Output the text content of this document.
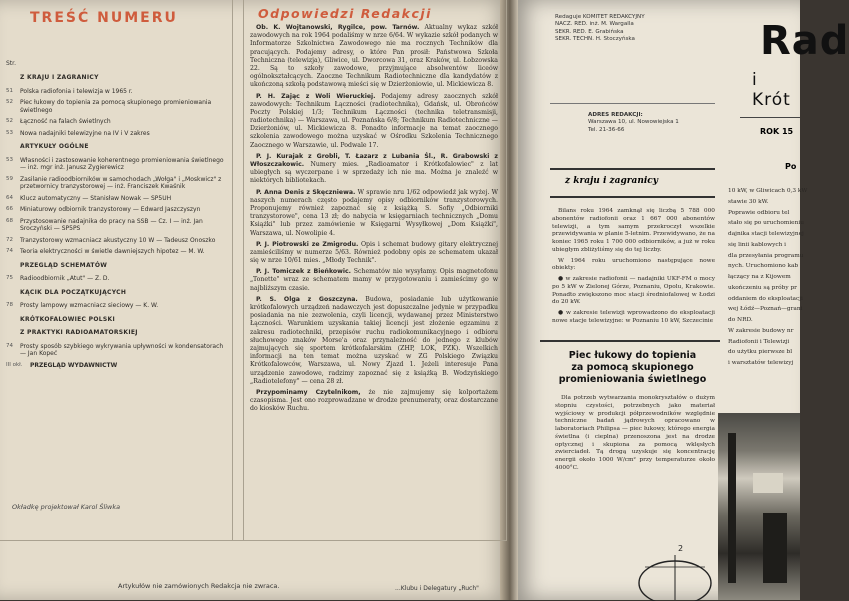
TREŚĆ NUMERU
Str.
Z KRAJU I ZAGRANICY
51	Polska radiofonia i telewizja w 1965 r.
52	Piec łukowy do topienia za pomocą skupionego promieniowania świetlnego
52	Łączność na falach świetlnych
53	Nowa nadajniki telewizyjne na IV i V zakres
ARTYKUŁY OGÓLNE
53	Własności i zastosowanie koherentnego promieniowania świetlnego — inż. mgr inż. Janusz Zygierewicz
59	Zasilanie radioodbiorników w samochodach „Wołga" i „Moskwicz" z przetwornicy tranzystorowej — inż. Franciszek Kwaśnik
64	Klucz automatyczny — Stanisław Nowak — SP5UH
66	Miniaturowy odbiornik tranzystorowy — Edward Jaszczyszyn
68	Przystosowanie nadajnika do pracy na SSB — Cz. I — inż. Jan Sroczyński — SP5PS
72	Tranzystorowy wzmacniacz akustyczny 10 W — Tadeusz Onoszko
74	Teoria elektryczności w świetle dawniejszych hipotez — M. W.
PRZEGLĄD SCHEMATÓW
75	Radioodbiornik „Atut" — Z. D.
KĄCIK DLA POCZĄTKUJĄCYCH
78	Prosty lampowy wzmacniacz sieciowy — K. W.
KRÓTKOFALOWIEC POLSKI
Z PRAKTYKI RADIOAMATORSKIEJ
74	Prosty sposób szybkiego wykrywania upływności w kondensatorach — Jan Kopeć
III okł.	PRZEGLĄD WYDAWNICTW
Okładkę projektował Karol Śliwka
Odpowiedzi Redakcji

Ob. K. Wojtanowski, Rygilce, pow. Tarnów. Aktualny wykaz szkół zawodowych na rok 1964 podaliśmy w nrze 6/64. W wykazie szkół podanych w Informatorze Szkolnictwa Zawodowego nie ma rocznych Techników dla pracujących. Podajemy adresy, o które Pan prosił: Państwowa Szkoła Techniczna (telewizja), Gliwice, ul. Dworcowa 31, oraz Kraków, ul. Łobzowska 22. Są to szkoły zawodowe, przyjmujące absolwentów liceów ogólnokształcących. Zaoczne Technikum Radiotechniczne dla kandydatów z ukończoną szkołą podstawową mieści się w Dzierżoniowie, ul. Mickiewicza 8.

P. H. Zając z Woli Wieruckiej. Podajemy adresy zaocznych szkół zawodowych: Technikum Łączności (radiotechnika), Gdańsk, ul. Obrońców Poczty Polskiej 1/3; Technikum Łączności (technika teletransmisji, radiotechnika) — Warszawa, ul. Poznańska 6/8; Technikum Radiotechniczne — Dzierżoniów, ul. Mickiewicza 8. Ponadto informacje na temat zaocznego szkolenia zawodowego można uzyskać w Ośrodku Szkolenia Technicznego Zaocznego w Warszawie, ul. Podwale 17.

P. J. Kurajak z Grobli, T. Łazarz z Lubania Śl., R. Grabowski z Włoszczakowic. Numery mies. „Radioamator i Krótkofalowiec" z lat ubiegłych są wyczerpane i w sprzedaży ich nie ma. Można je znaleźć w niektórych bibliotekach.

P. Anna Denis z Skęczniewa. W sprawie nru 1/62 odpowiedź jak wyżej. W naszych numerach często podajemy opisy odbiorników tranzystorowych. Proponujemy również zapoznać się z książką S. Sofiy „Odbiorniki tranzystorowe", cena 13 zł; do nabycia w księgarniach technicznych „Domu Książki" lub przez zamówienie w Księgarni Wysyłkowej „Dom Książki", Warszawa, ul. Nowolipie 4.

P. J. Piotrowski ze Zmigrodu. Opis i schemat budowy gitary elektrycznej zamieściliśmy w numerze 5/63. Również podobny opis ze schematem ukazał się w nrze 10/61 mies. „Młody Technik".

P. J. Tomiczek z Bieńkowic. Schematów nie wysyłamy. Opis magnetofonu „Tonette" wraz ze schematem mamy w przygotowaniu i zamieścimy go w najbliższym czasie.

P. S. Olga z Goszczyna. Budowa, posiadanie lub użytkowanie krótkofalowych urządzeń nadawczych jest dopuszczalne jedynie w przypadku posiadania na nie zezwolenia, czyli licencji, wydawanej przez Ministerstwo Łączności. Warunkiem uzyskania takiej licencji jest złożenie egzaminu z zakresu radiotechniki, przepisów ruchu radiokomunikacyjnego i odbioru słuchowego znaków Morse'a oraz przynależność do jednego z klubów zajmujących się sportem krótkofalarskim (ZHP, LOK, PZK). Wszelkich informacji na ten temat można uzyskać w ZG Polskiego Związku Krótkofalowców, Warszawa, ul. Nowy Zjazd 1. Jeżeli interesuje Pana urządzenie zawodowe, radzimy zapoznać się z książką B. Wodzyńskiego „Radiotelefony" — cena 28 zł.

Przypominamy Czytelnikom, że nie zajmujemy się kolportażem czasopisma. Jest ono rozprowadzane w drodze prenumeraty, oraz dostarczane do kiosków Ruchu.

Artykułów nie zamówionych Redakcja nie zwraca.	...Klubu i Delegatury „Ruch"
Redaguje KOMITET REDAKCYJNY
NACZ. RED. inż. M. Wargalla
SEKR. RED. E. Grabińska
SEKR. TECHN. H. Stoczyńska
ADRES REDAKCJI:
Warszawa 10, ul. Nowowiejska 1
Tel. 21-36-66
Rad
i Krót
ROK 15
Po
z kraju i zagranicy

Bilans roku 1964 zamknął się liczbą 5 788 000 abonentów radiofonii oraz 1 667 000 abonentów telewizji, a tym samym przekroczył wszelkie przewidywania w planie 5-letnim. Przewidywano, że na koniec 1965 roku 1 700 000 odbiorników, a już w roku ubiegłym zbliżyliśmy się do tej liczby.

W 1964 roku uruchomiono następujące nowe obiekty:

● w zakresie radiofonii — nadajniki UKF-FM o mocy po 5 kW w Zielonej Górze, Poznaniu, Opolu, Krakowie. Ponadto zwiększono moc stacji średniofalowej w Łodzi do 20 kW.

● w zakresie telewizji wprowadzono do eksploatacji nowe stacje telewizyjne: w Poznaniu 10 kW, Szczecinie

10 kW, w Gliwicach 0,3 kW

stawie 30 kW.

Poprawie odbioru tel

stało się po uruchomieniu

dajnika stacji telewizyjnej

się linii kablowych i

dla przesyłania programu

nych. Uruchomiono kab

łączący na z Kijowem

ukończeniu są próby pr

oddaniem do eksploatacji

wej Łódź—Poznań—grani

do NRD.

W zakresie budowy nr

Radiofonii i Telewizji

do użytku pierwsze bl

i warsztatów telewizyj

Piec łukowy do topienia
za pomocą skupionego
promieniowania świetlnego

Dla potrzeb wytwarzania monokryształów o dużym stopniu czystości, potrzebnych jako materiał wyjściowy w produkcji półprzewodników względnie techniczne badań jądrowych opracowano w laboratoriach Philipsa — piec łukowy, którego energia świetlna (i cieplna) przenoszona jest na drodze optycznej i skupiona za pomocą wklęsłych zwierciadeł. Tą drogą uzyskuje się koncentrację energii około 1000 W/cm² przy temperaturze około 4000°C.

2
